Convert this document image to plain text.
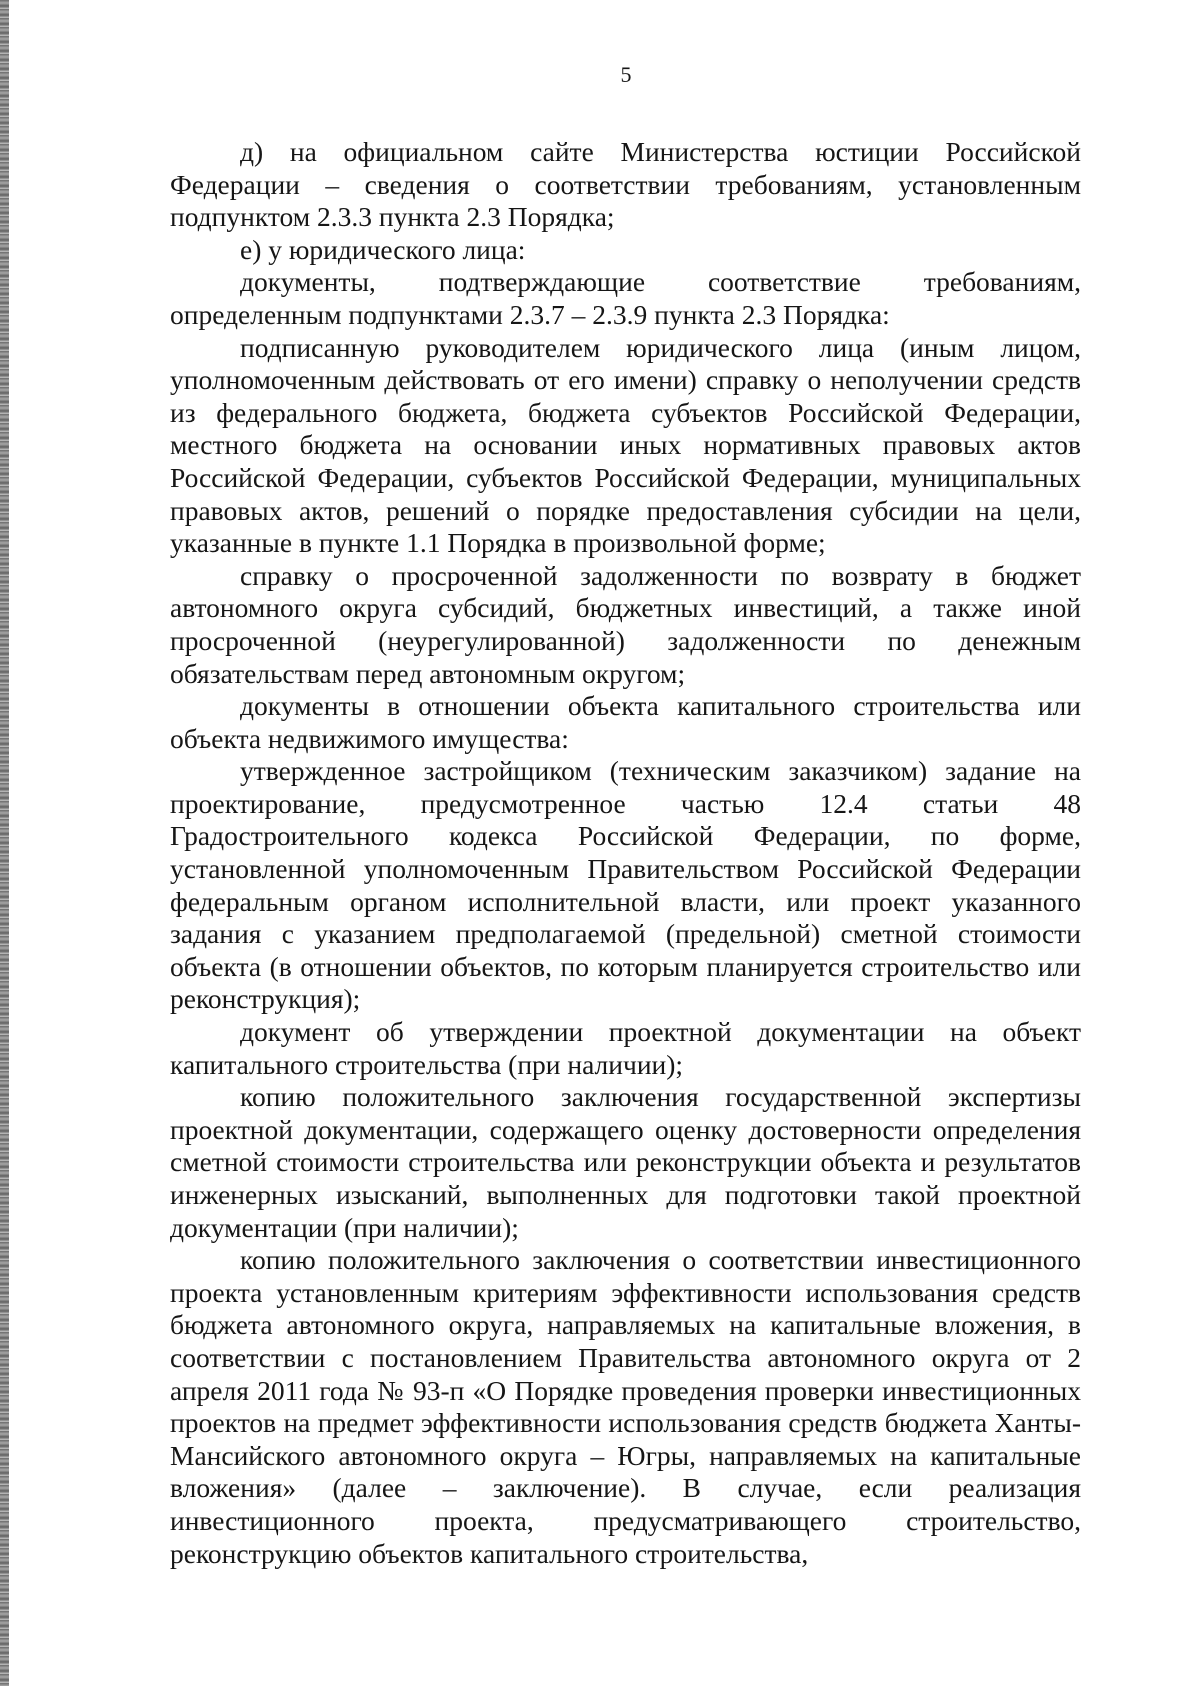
5

д) на официальном сайте Министерства юстиции Российской Федерации – сведения о соответствии требованиям, установленным подпунктом 2.3.3 пункта 2.3 Порядка;

е) у юридического лица:

документы, подтверждающие соответствие требованиям, определенным подпунктами 2.3.7 – 2.3.9 пункта 2.3 Порядка:

подписанную руководителем юридического лица (иным лицом, уполномоченным действовать от его имени) справку о неполучении средств из федерального бюджета, бюджета субъектов Российской Федерации, местного бюджета на основании иных нормативных правовых актов Российской Федерации, субъектов Российской Федерации, муниципальных правовых актов, решений о порядке предоставления субсидии на цели, указанные в пункте 1.1 Порядка в произвольной форме;

справку о просроченной задолженности по возврату в бюджет автономного округа субсидий, бюджетных инвестиций, а также иной просроченной (неурегулированной) задолженности по денежным обязательствам перед автономным округом;

документы в отношении объекта капитального строительства или объекта недвижимого имущества:

утвержденное застройщиком (техническим заказчиком) задание на проектирование, предусмотренное частью 12.4 статьи 48 Градостроительного кодекса Российской Федерации, по форме, установленной уполномоченным Правительством Российской Федерации федеральным органом исполнительной власти, или проект указанного задания с указанием предполагаемой (предельной) сметной стоимости объекта (в отношении объектов, по которым планируется строительство или реконструкция);

документ об утверждении проектной документации на объект капитального строительства (при наличии);

копию положительного заключения государственной экспертизы проектной документации, содержащего оценку достоверности определения сметной стоимости строительства или реконструкции объекта и результатов инженерных изысканий, выполненных для подготовки такой проектной документации (при наличии);

копию положительного заключения о соответствии инвестиционного проекта установленным критериям эффективности использования средств бюджета автономного округа, направляемых на капитальные вложения, в соответствии с постановлением Правительства автономного округа от 2 апреля 2011 года № 93-п «О Порядке проведения проверки инвестиционных проектов на предмет эффективности использования средств бюджета Ханты-Мансийского автономного округа – Югры, направляемых на капитальные вложения» (далее – заключение). В случае, если реализация инвестиционного проекта, предусматривающего строительство, реконструкцию объектов капитального строительства,
